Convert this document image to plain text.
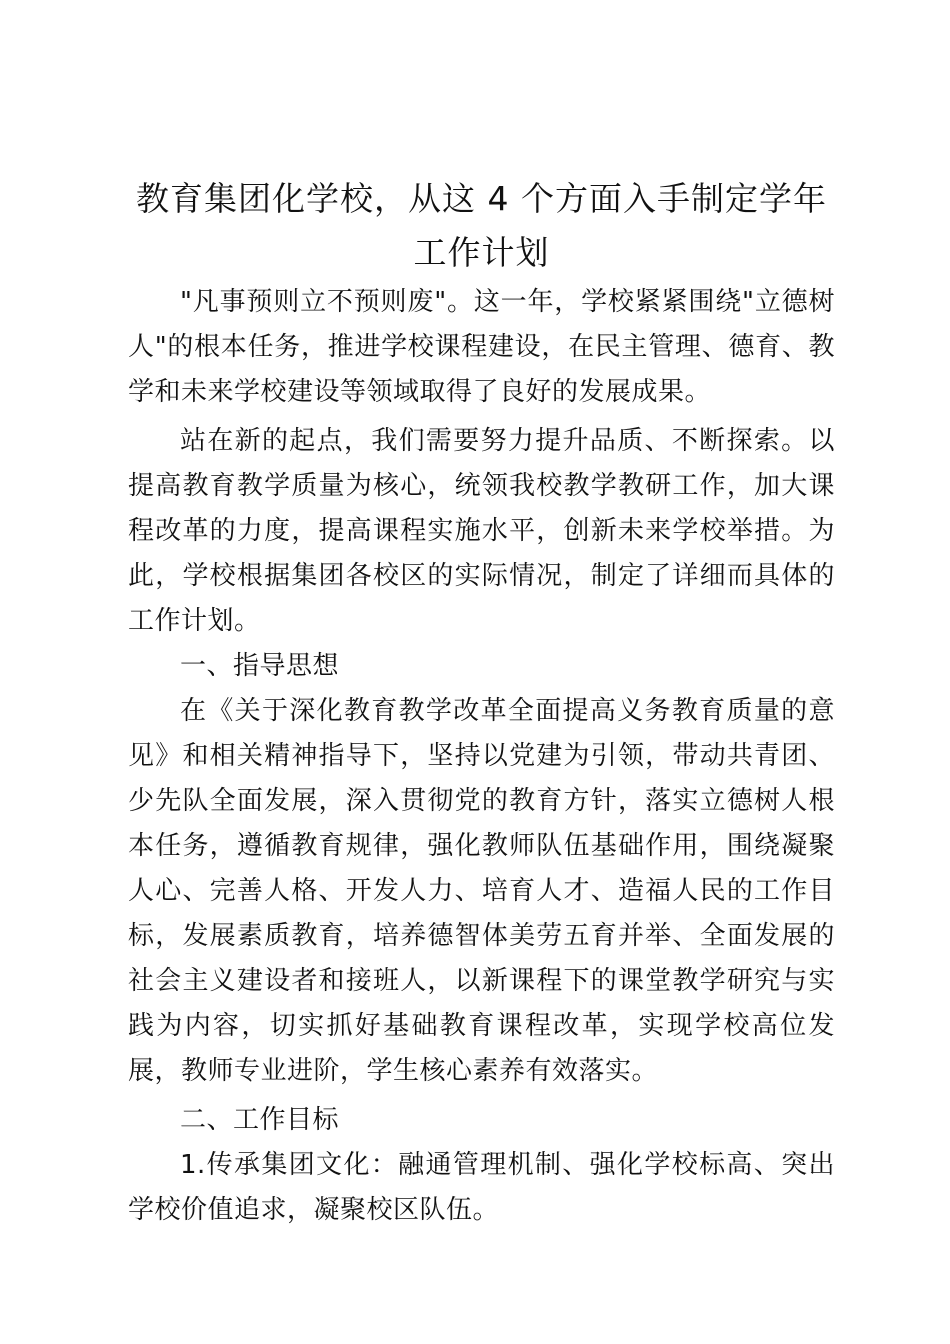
教育集团化学校，从这 4 个方面入手制定学年工作计划

"凡事预则立不预则废"。这一年，学校紧紧围绕"立德树人"的根本任务，推进学校课程建设，在民主管理、德育、教学和未来学校建设等领域取得了良好的发展成果。

站在新的起点，我们需要努力提升品质、不断探索。以提高教育教学质量为核心，统领我校教学教研工作，加大课程改革的力度，提高课程实施水平，创新未来学校举措。为此，学校根据集团各校区的实际情况，制定了详细而具体的工作计划。

一、指导思想

在《关于深化教育教学改革全面提高义务教育质量的意见》和相关精神指导下，坚持以党建为引领，带动共青团、少先队全面发展，深入贯彻党的教育方针，落实立德树人根本任务，遵循教育规律，强化教师队伍基础作用，围绕凝聚人心、完善人格、开发人力、培育人才、造福人民的工作目标，发展素质教育，培养德智体美劳五育并举、全面发展的社会主义建设者和接班人，以新课程下的课堂教学研究与实践为内容，切实抓好基础教育课程改革，实现学校高位发展，教师专业进阶，学生核心素养有效落实。

二、工作目标

1.传承集团文化：融通管理机制、强化学校标高、突出学校价值追求，凝聚校区队伍。
